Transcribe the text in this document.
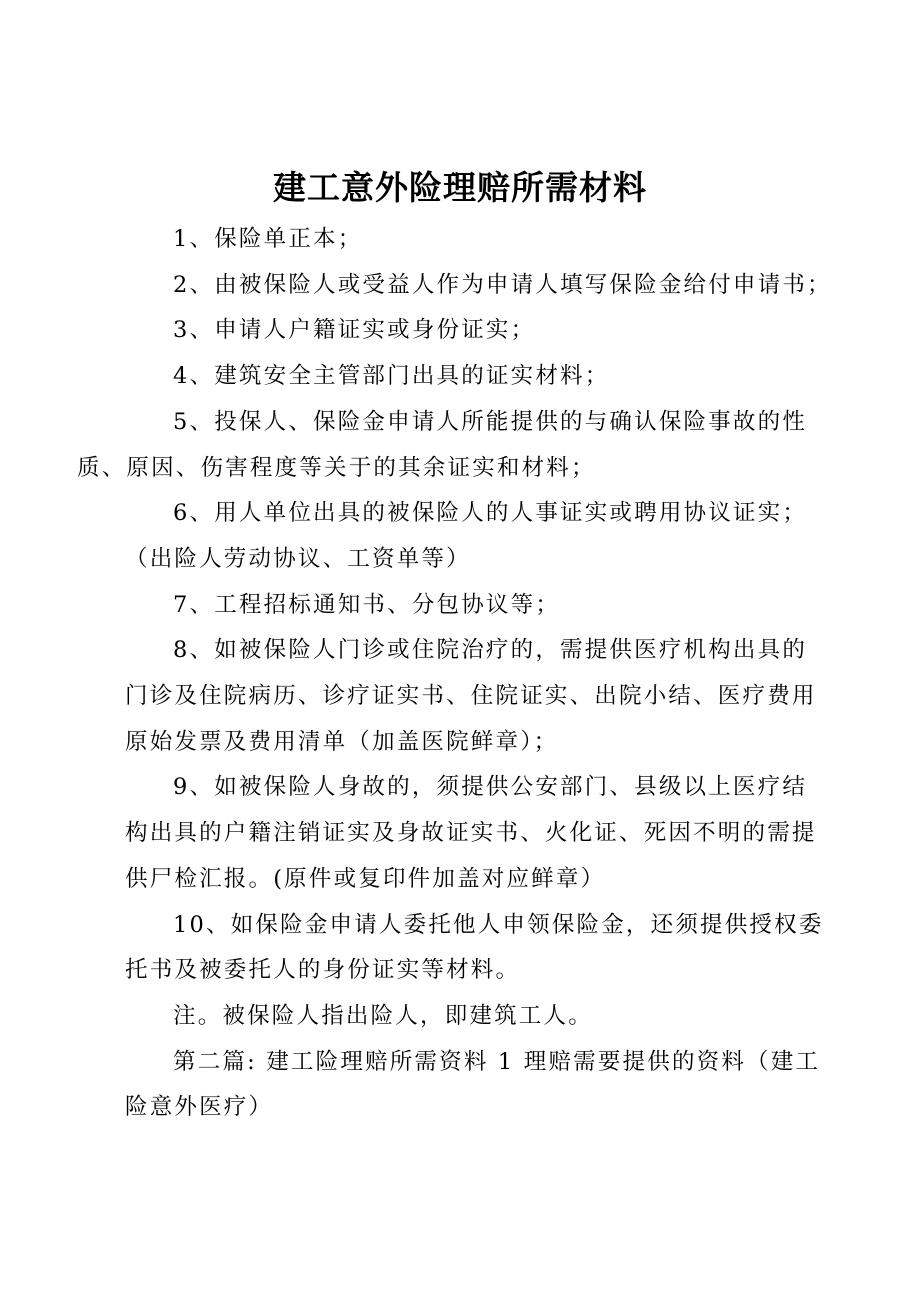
建工意外险理赔所需材料

1、保险单正本；

2、由被保险人或受益人作为申请人填写保险金给付申请书；

3、申请人户籍证实或身份证实；

4、建筑安全主管部门出具的证实材料；

5、投保人、保险金申请人所能提供的与确认保险事故的性
质、原因、伤害程度等关于的其余证实和材料；

6、用人单位出具的被保险人的人事证实或聘用协议证实；
（出险人劳动协议、工资单等）

7、工程招标通知书、分包协议等；

8、如被保险人门诊或住院治疗的，需提供医疗机构出具的
门诊及住院病历、诊疗证实书、住院证实、出院小结、医疗费用
原始发票及费用清单（加盖医院鲜章）；

9、如被保险人身故的，须提供公安部门、县级以上医疗结
构出具的户籍注销证实及身故证实书、火化证、死因不明的需提
供尸检汇报。(原件或复印件加盖对应鲜章）

10、如保险金申请人委托他人申领保险金，还须提供授权委
托书及被委托人的身份证实等材料。

注。被保险人指出险人，即建筑工人。

第二篇: 建工险理赔所需资料 1 理赔需要提供的资料（建工
险意外医疗）
